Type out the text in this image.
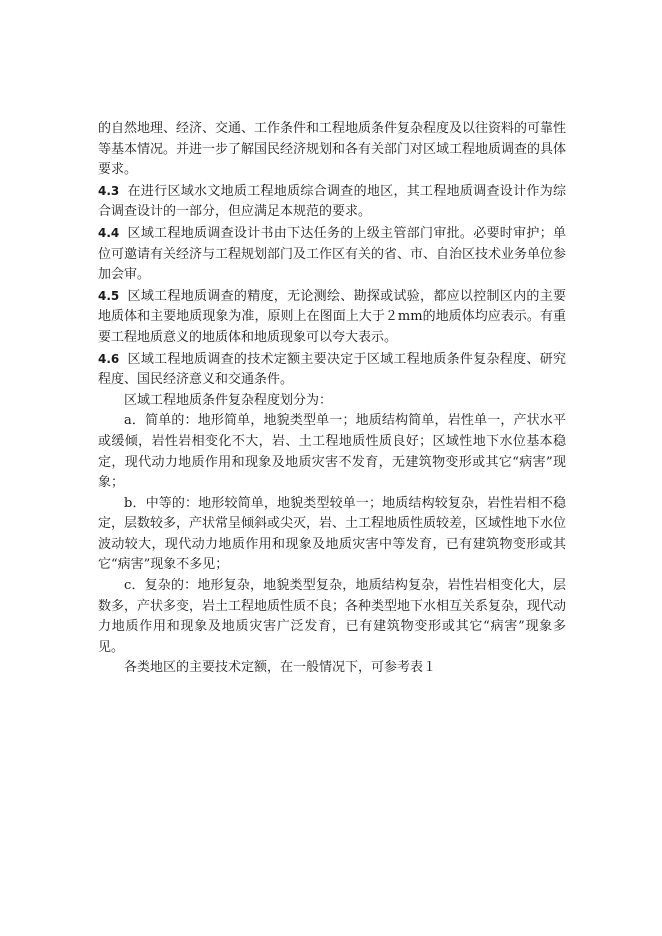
的自然地理、经济、交通、工作条件和工程地质条件复杂程度及以往资料的可靠性等基本情况。并进一步了解国民经济规划和各有关部门对区域工程地质调查的具体要求。

4.3 在进行区域水文地质工程地质综合调查的地区，其工程地质调查设计作为综合调查设计的一部分，但应满足本规范的要求。

4.4 区域工程地质调查设计书由下达任务的上级主管部门审批。必要时审护；单位可邀请有关经济与工程规划部门及工作区有关的省、市、自治区技术业务单位参加会审。

4.5 区域工程地质调查的精度，无论测绘、勘探或试验，都应以控制区内的主要地质体和主要地质现象为准，原则上在图面上大于２mm的地质体均应表示。有重要工程地质意义的地质体和地质现象可以夸大表示。

4.6 区域工程地质调查的技术定额主要决定于区域工程地质条件复杂程度、研究程度、国民经济意义和交通条件。

区域工程地质条件复杂程度划分为：

a．简单的：地形简单，地貌类型单一；地质结构简单，岩性单一，产状水平或缓倾，岩性岩相变化不大，岩、土工程地质性质良好；区域性地下水位基本稳定，现代动力地质作用和现象及地质灾害不发育，无建筑物变形或其它“病害”现象；

b．中等的：地形较简单，地貌类型较单一；地质结构较复杂，岩性岩相不稳定，层数较多，产状常呈倾斜或尖灭，岩、土工程地质性质较差，区域性地下水位波动较大，现代动力地质作用和现象及地质灾害中等发育，已有建筑物变形或其它“病害”现象不多见；

c．复杂的：地形复杂，地貌类型复杂，地质结构复杂，岩性岩相变化大，层数多，产状多变，岩土工程地质性质不良；各种类型地下水相互关系复杂，现代动力地质作用和现象及地质灾害广泛发育，已有建筑物变形或其它“病害”现象多见。

各类地区的主要技术定额，在一般情况下，可参考表１
